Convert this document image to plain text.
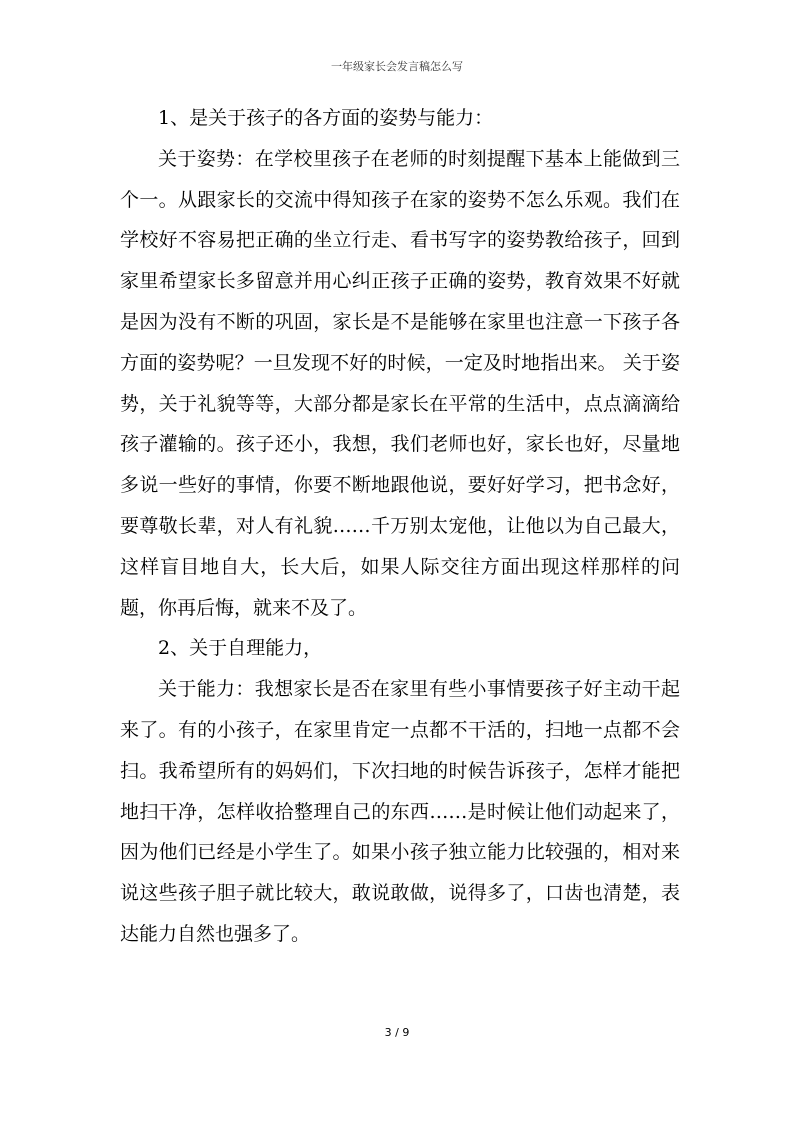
一年级家长会发言稿怎么写

1、是关于孩子的各方面的姿势与能力：

关于姿势：在学校里孩子在老师的时刻提醒下基本上能做到三个一。从跟家长的交流中得知孩子在家的姿势不怎么乐观。我们在学校好不容易把正确的坐立行走、看书写字的姿势教给孩子，回到家里希望家长多留意并用心纠正孩子正确的姿势，教育效果不好就是因为没有不断的巩固，家长是不是能够在家里也注意一下孩子各方面的姿势呢？一旦发现不好的时候，一定及时地指出来。 关于姿势，关于礼貌等等，大部分都是家长在平常的生活中，点点滴滴给孩子灌输的。孩子还小，我想，我们老师也好，家长也好，尽量地多说一些好的事情，你要不断地跟他说，要好好学习，把书念好，要尊敬长辈，对人有礼貌……千万别太宠他，让他以为自己最大，这样盲目地自大，长大后，如果人际交往方面出现这样那样的问题，你再后悔，就来不及了。

2、关于自理能力，

关于能力：我想家长是否在家里有些小事情要孩子好主动干起来了。有的小孩子，在家里肯定一点都不干活的，扫地一点都不会扫。我希望所有的妈妈们，下次扫地的时候告诉孩子，怎样才能把地扫干净，怎样收拾整理自己的东西……是时候让他们动起来了，因为他们已经是小学生了。如果小孩子独立能力比较强的，相对来说这些孩子胆子就比较大，敢说敢做，说得多了，口齿也清楚，表达能力自然也强多了。

3 / 9
